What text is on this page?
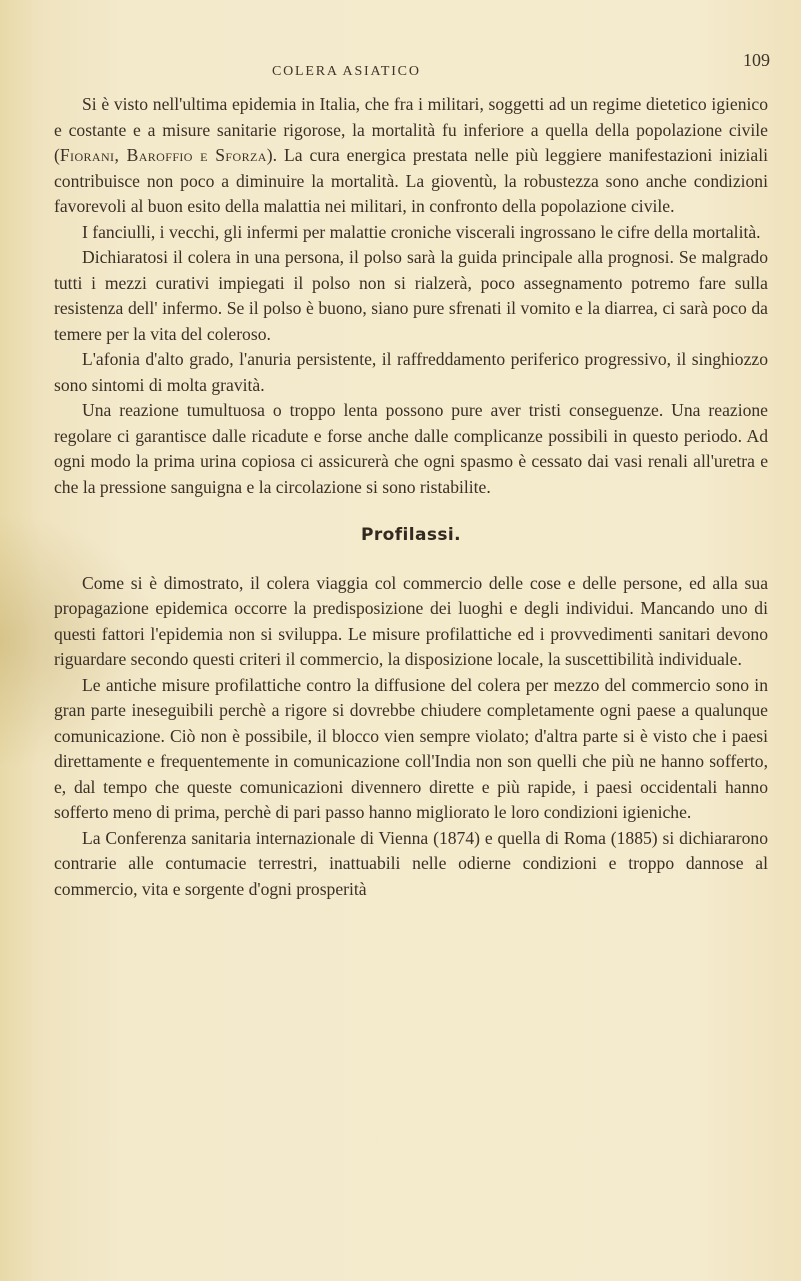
COLERA ASIATICO
109

Si è visto nell'ultima epidemia in Italia, che fra i militari, soggetti ad un regime dietetico igienico e costante e a misure sanitarie rigorose, la mortalità fu inferiore a quella della popolazione civile (Fiorani, Baroffio e Sforza). La cura energica prestata nelle più leggiere manifestazioni iniziali contribuisce non poco a diminuire la mortalità. La gioventù, la robustezza sono anche condizioni favorevoli al buon esito della malattia nei militari, in confronto della popolazione civile.

I fanciulli, i vecchi, gli infermi per malattie croniche viscerali ingrossano le cifre della mortalità.

Dichiaratosi il colera in una persona, il polso sarà la guida principale alla prognosi. Se malgrado tutti i mezzi curativi impiegati il polso non si rialzerà, poco assegnamento potremo fare sulla resistenza dell' infermo. Se il polso è buono, siano pure sfrenati il vomito e la diarrea, ci sarà poco da temere per la vita del coleroso.

L'afonia d'alto grado, l'anuria persistente, il raffreddamento periferico progressivo, il singhiozzo sono sintomi di molta gravità.

Una reazione tumultuosa o troppo lenta possono pure aver tristi conseguenze. Una reazione regolare ci garantisce dalle ricadute e forse anche dalle complicanze possibili in questo periodo. Ad ogni modo la prima urina copiosa ci assicurerà che ogni spasmo è cessato dai vasi renali all'uretra e che la pressione sanguigna e la circolazione si sono ristabilite.

Profilassi.

Come si è dimostrato, il colera viaggia col commercio delle cose e delle persone, ed alla sua propagazione epidemica occorre la predisposizione dei luoghi e degli individui. Mancando uno di questi fattori l'epidemia non si sviluppa. Le misure profilattiche ed i provvedimenti sanitari devono riguardare secondo questi criteri il commercio, la disposizione locale, la suscettibilità individuale.

Le antiche misure profilattiche contro la diffusione del colera per mezzo del commercio sono in gran parte ineseguibili perchè a rigore si dovrebbe chiudere completamente ogni paese a qualunque comunicazione. Ciò non è possibile, il blocco vien sempre violato; d'altra parte si è visto che i paesi direttamente e frequentemente in comunicazione coll'India non son quelli che più ne hanno sofferto, e, dal tempo che queste comunicazioni divennero dirette e più rapide, i paesi occidentali hanno sofferto meno di prima, perchè di pari passo hanno migliorato le loro condizioni igieniche.

La Conferenza sanitaria internazionale di Vienna (1874) e quella di Roma (1885) si dichiararono contrarie alle contumacie terrestri, inattuabili nelle odierne condizioni e troppo dannose al commercio, vita e sorgente d'ogni prosperità
